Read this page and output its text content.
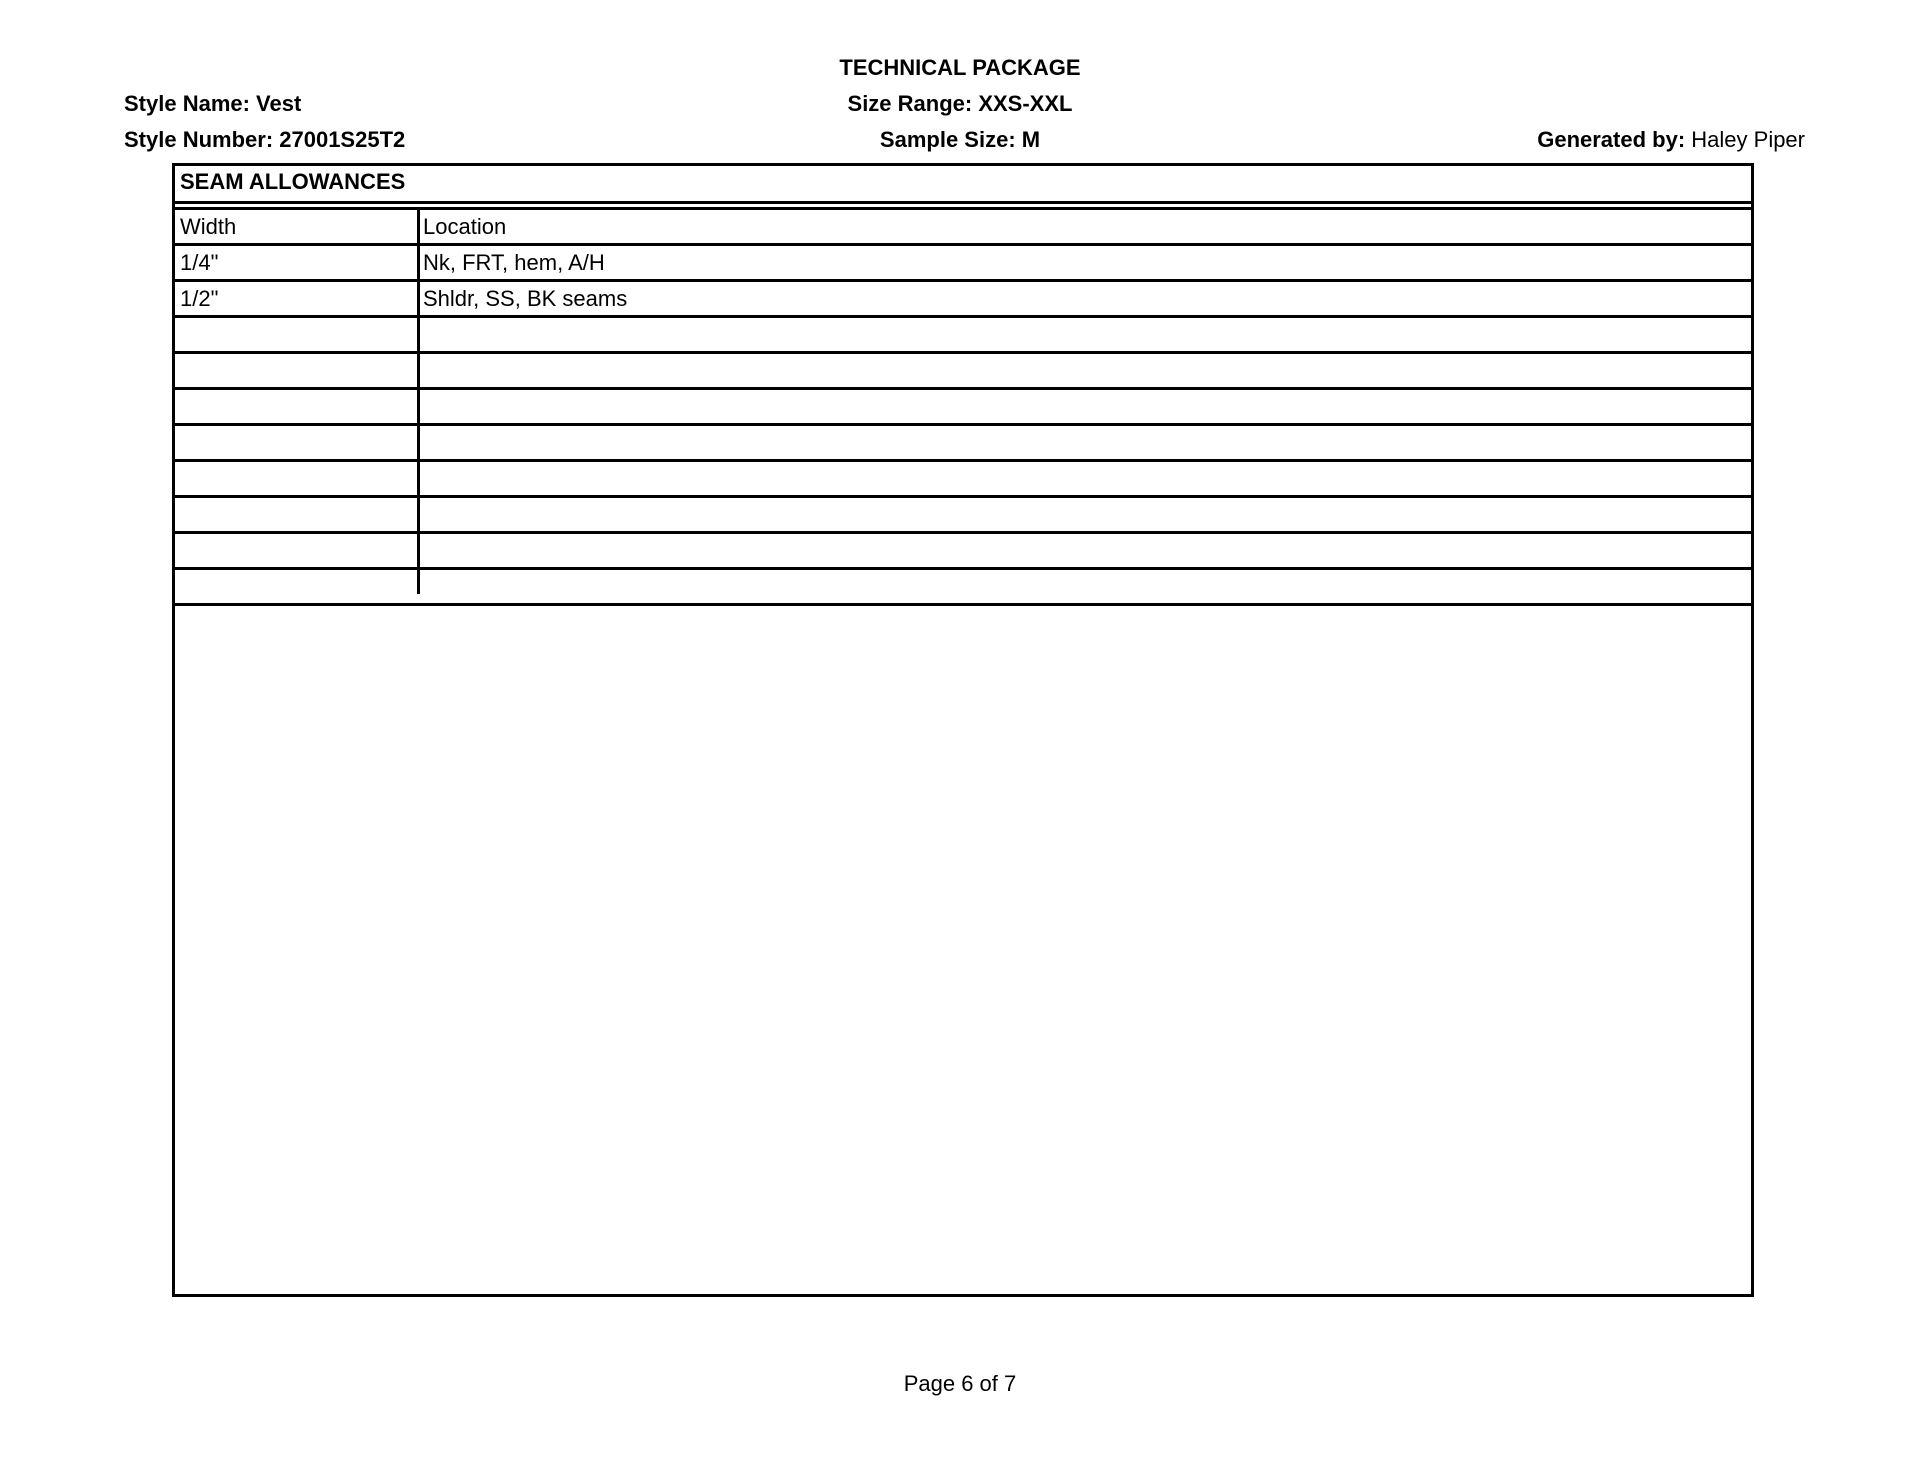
TECHNICAL PACKAGE
Size Range: XXS-XXL
Sample Size: M
Style Name: Vest
Style Number: 27001S25T2	Generated by: Haley Piper
SEAM ALLOWANCES
Width	Location
1/4"	Nk, FRT, hem, A/H
1/2"	Shldr, SS, BK seams
Page 6 of 7
